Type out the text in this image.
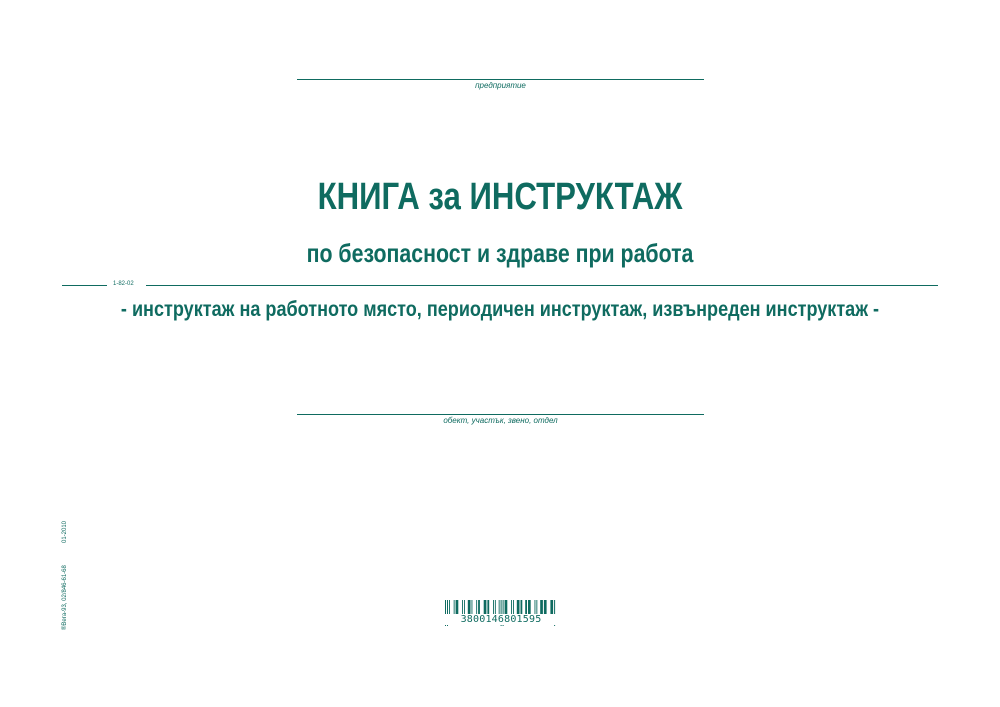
предприятие
КНИГА за ИНСТРУКТАЖ
по безопасност и здраве при работа
1-82-02
- инструктаж на работното място, периодичен инструктаж, извънреден инструктаж -
обект, участък, звено, отдел
01-2010
®Вега-93, 02/846-61-68	3800146801595
